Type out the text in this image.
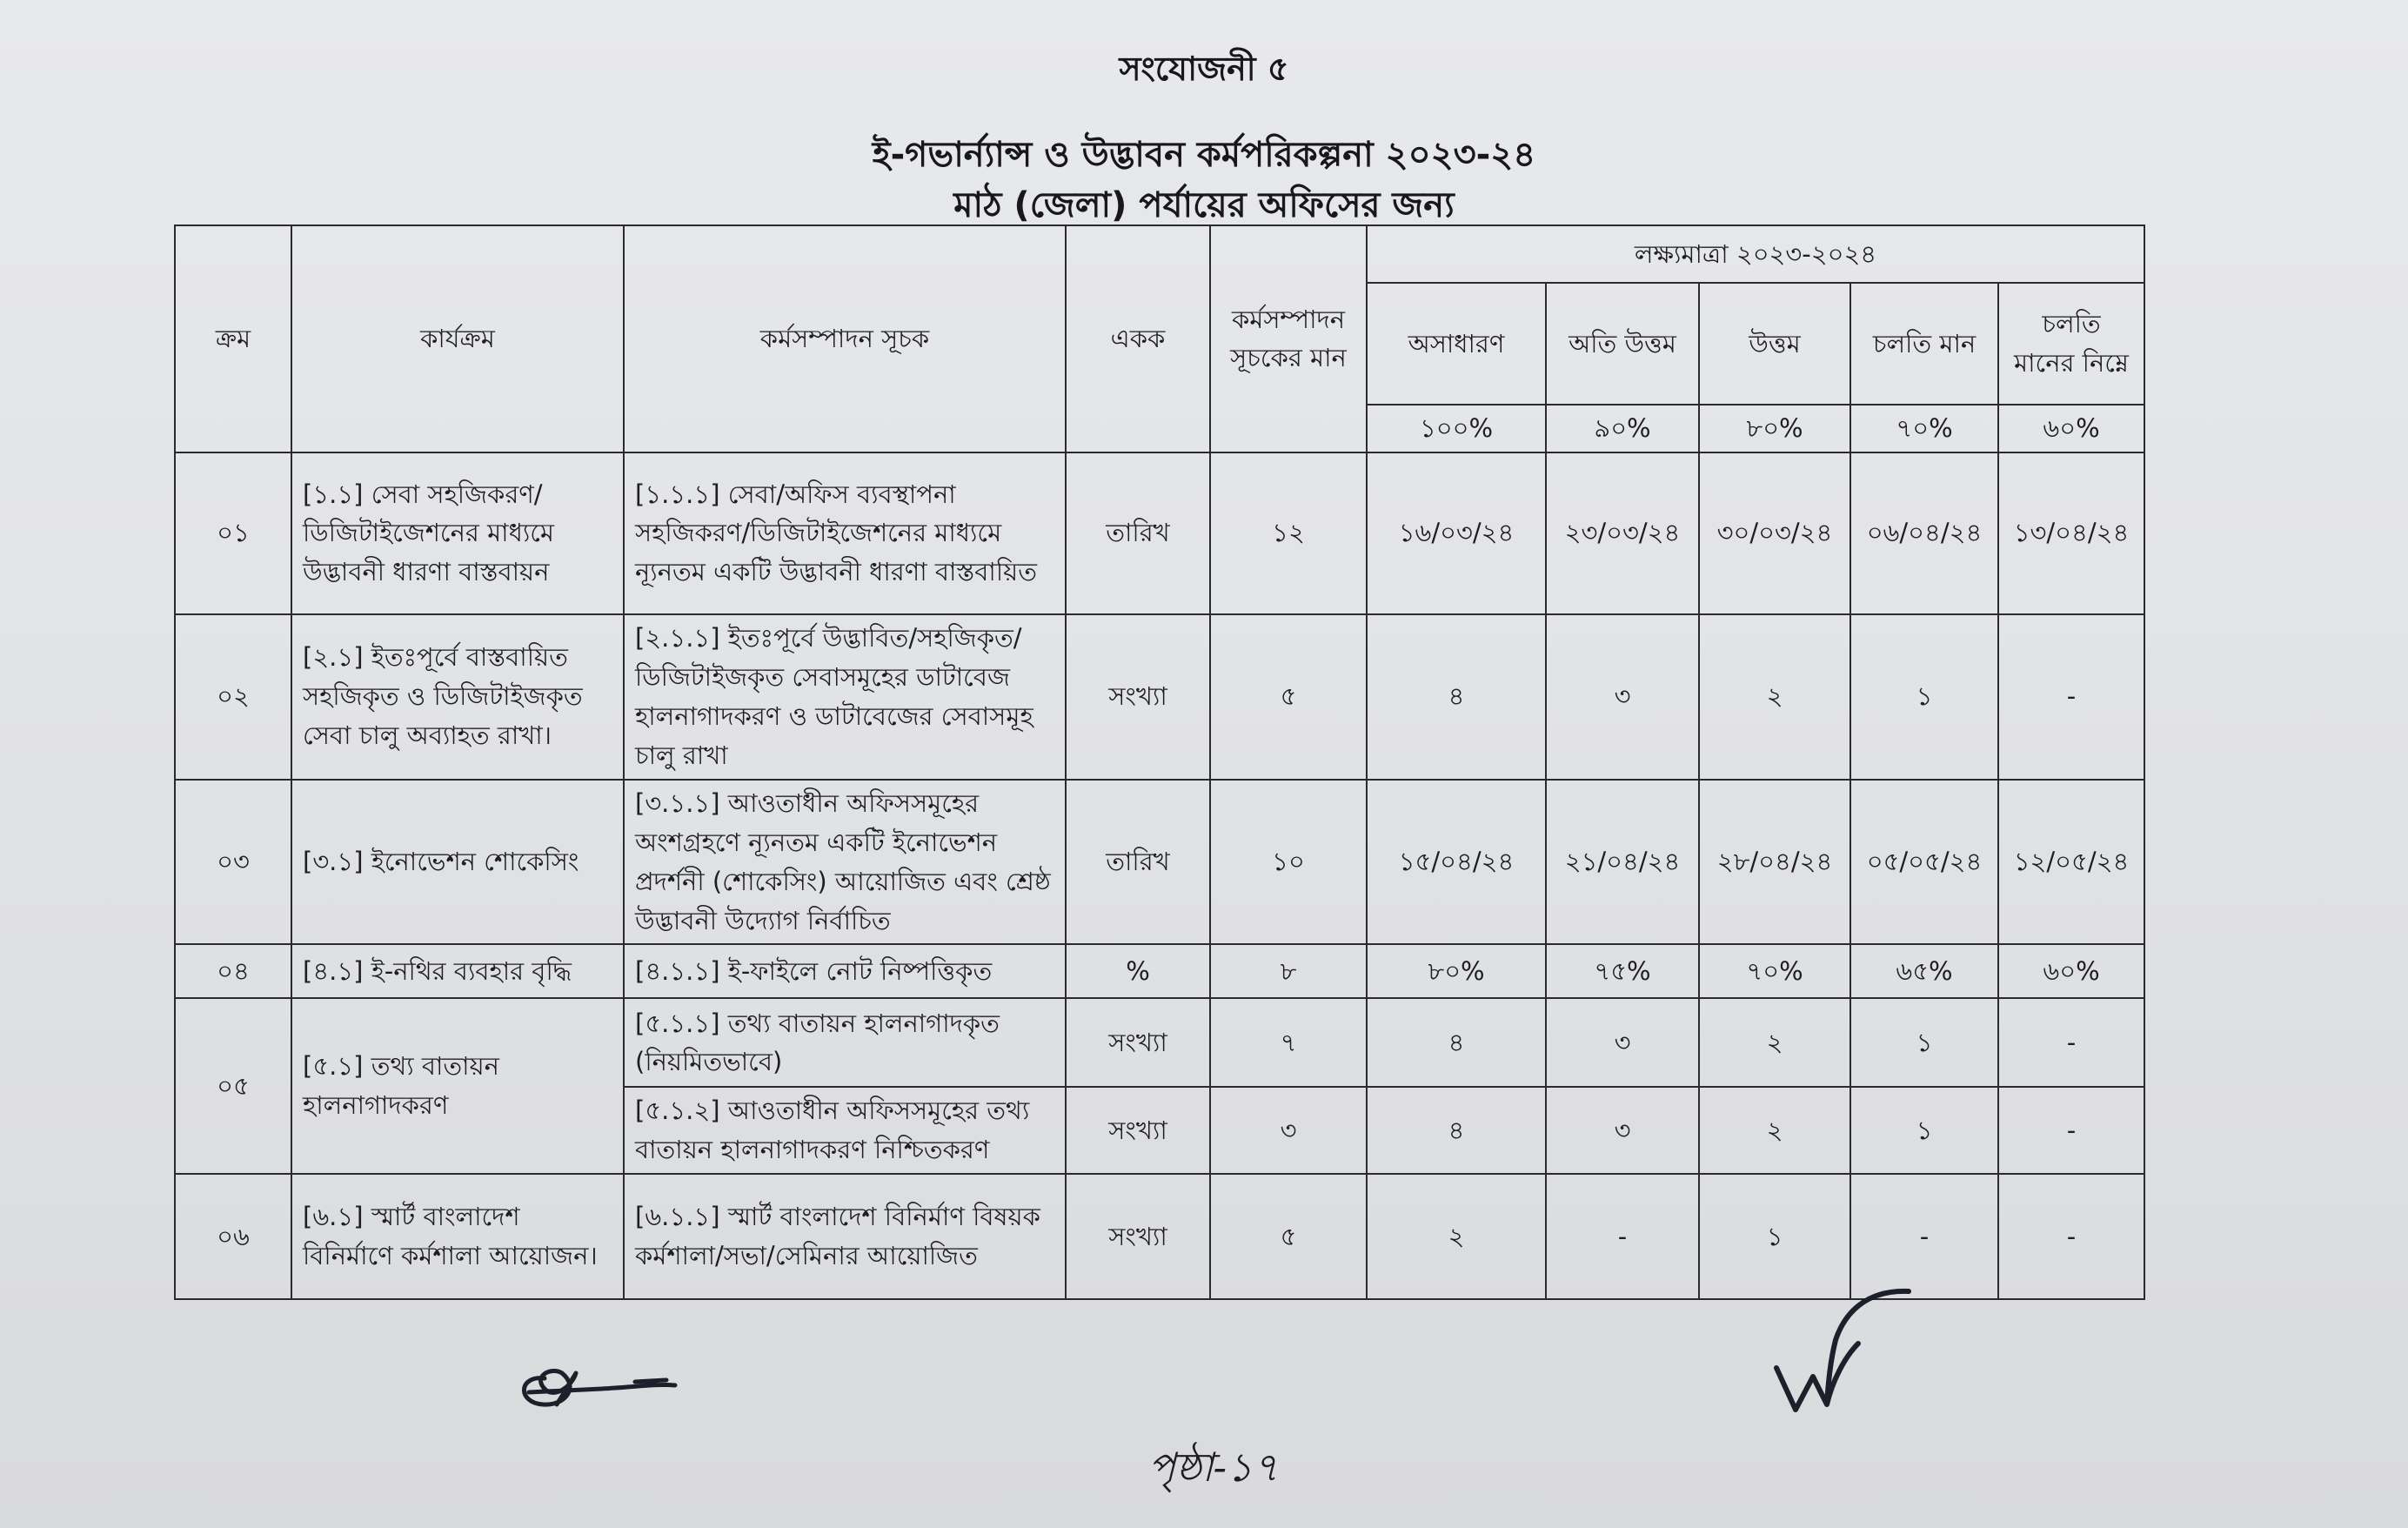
সংযোজনী ৫
ই-গভার্ন্যান্স ও উদ্ভাবন কর্মপরিকল্পনা ২০২৩-২৪
মাঠ (জেলা) পর্যায়ের অফিসের জন্য
ক্রম	কার্যক্রম	কর্মসম্পাদন সূচক	একক	কর্মসম্পাদন সূচকের মান	লক্ষ্যমাত্রা ২০২৩-২০২৪				
					অসাধারণ	অতি উত্তম	উত্তম	চলতি মান	চলতি মানের নিম্নে
					১০০%	৯০%	৮০%	৭০%	৬০%
০১	[১.১] সেবা সহজিকরণ/ ডিজিটাইজেশনের মাধ্যমে উদ্ভাবনী ধারণা বাস্তবায়ন	[১.১.১] সেবা/অফিস ব্যবস্থাপনা সহজিকরণ/ডিজিটাইজেশনের মাধ্যমে ন্যূনতম একটি উদ্ভাবনী ধারণা বাস্তবায়িত	তারিখ	১২	১৬/০৩/২৪	২৩/০৩/২৪	৩০/০৩/২৪	০৬/০৪/২৪	১৩/০৪/২৪
০২	[২.১] ইতঃপূর্বে বাস্তবায়িত সহজিকৃত ও ডিজিটাইজকৃত সেবা চালু অব্যাহত রাখা।	[২.১.১] ইতঃপূর্বে উদ্ভাবিত/সহজিকৃত/ ডিজিটাইজকৃত সেবাসমূহের ডাটাবেজ হালনাগাদকরণ ও ডাটাবেজের সেবাসমূহ চালু রাখা	সংখ্যা	৫	৪	৩	২	১	-
০৩	[৩.১] ইনোভেশন শোকেসিং	[৩.১.১] আওতাধীন অফিসসমূহের অংশগ্রহণে ন্যূনতম একটি ইনোভেশন প্রদর্শনী (শোকেসিং) আয়োজিত এবং শ্রেষ্ঠ উদ্ভাবনী উদ্যোগ নির্বাচিত	তারিখ	১০	১৫/০৪/২৪	২১/০৪/২৪	২৮/০৪/২৪	০৫/০৫/২৪	১২/০৫/২৪
০৪	[৪.১] ই-নথির ব্যবহার বৃদ্ধি	[৪.১.১] ই-ফাইলে নোট নিষ্পত্তিকৃত	%	৮	৮০%	৭৫%	৭০%	৬৫%	৬০%
০৫	[৫.১] তথ্য বাতায়ন হালনাগাদকরণ	[৫.১.১] তথ্য বাতায়ন হালনাগাদকৃত (নিয়মিতভাবে)	সংখ্যা	৭	৪	৩	২	১	-
		[৫.১.২] আওতাধীন অফিসসমূহের তথ্য বাতায়ন হালনাগাদকরণ নিশ্চিতকরণ	সংখ্যা	৩	৪	৩	২	১	-
০৬	[৬.১] স্মার্ট বাংলাদেশ বিনির্মাণে কর্মশালা আয়োজন।	[৬.১.১] স্মার্ট বাংলাদেশ বিনির্মাণ বিষয়ক কর্মশালা/সভা/সেমিনার আয়োজিত	সংখ্যা	৫	২	-	১	-	-
পৃষ্ঠা-১৭
